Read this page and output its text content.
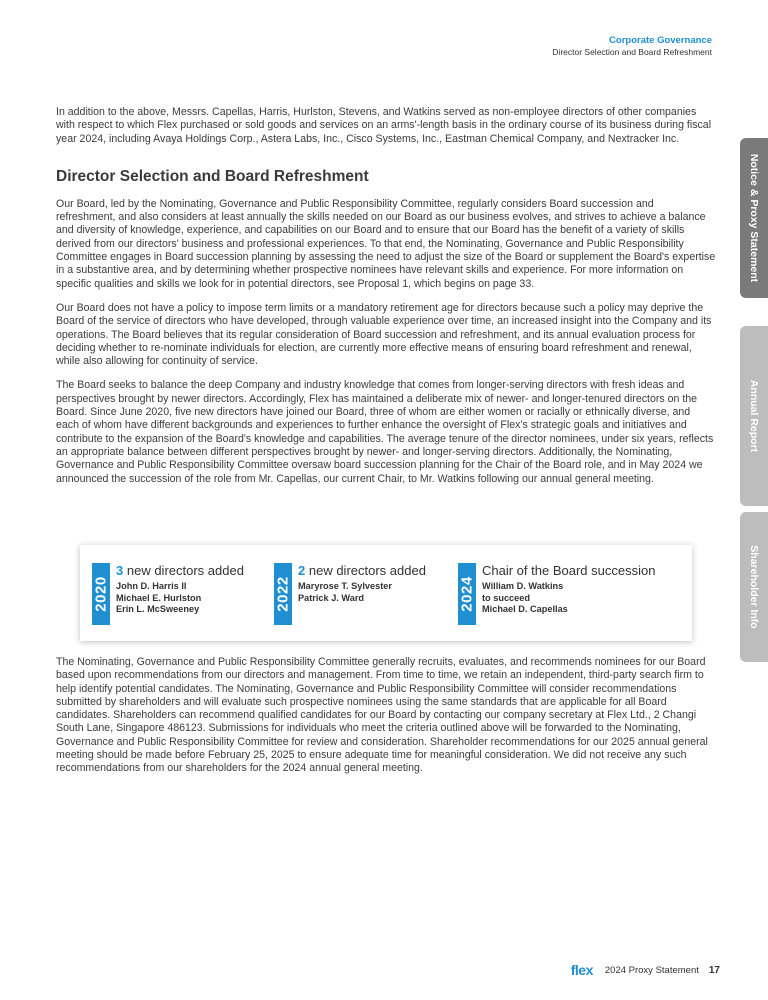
Corporate Governance
Director Selection and Board Refreshment

In addition to the above, Messrs. Capellas, Harris, Hurlston, Stevens, and Watkins served as non-employee directors of other companies with respect to which Flex purchased or sold goods and services on an arms'-length basis in the ordinary course of its business during fiscal year 2024, including Avaya Holdings Corp., Astera Labs, Inc., Cisco Systems, Inc., Eastman Chemical Company, and Nextracker Inc.

Director Selection and Board Refreshment

Our Board, led by the Nominating, Governance and Public Responsibility Committee, regularly considers Board succession and refreshment, and also considers at least annually the skills needed on our Board as our business evolves, and strives to achieve a balance and diversity of knowledge, experience, and capabilities on our Board and to ensure that our Board has the benefit of a variety of skills derived from our directors' business and professional experiences. To that end, the Nominating, Governance and Public Responsibility Committee engages in Board succession planning by assessing the need to adjust the size of the Board or supplement the Board's expertise in a substantive area, and by determining whether prospective nominees have relevant skills and experience. For more information on specific qualities and skills we look for in potential directors, see Proposal 1, which begins on page 33.

Our Board does not have a policy to impose term limits or a mandatory retirement age for directors because such a policy may deprive the Board of the service of directors who have developed, through valuable experience over time, an increased insight into the Company and its operations. The Board believes that its regular consideration of Board succession and refreshment, and its annual evaluation process for deciding whether to re-nominate individuals for election, are currently more effective means of ensuring board refreshment and renewal, while also allowing for continuity of service.

The Board seeks to balance the deep Company and industry knowledge that comes from longer-serving directors with fresh ideas and perspectives brought by newer directors. Accordingly, Flex has maintained a deliberate mix of newer- and longer-tenured directors on the Board. Since June 2020, five new directors have joined our Board, three of whom are either women or racially or ethnically diverse, and each of whom have different backgrounds and experiences to further enhance the oversight of Flex's strategic goals and initiatives and contribute to the expansion of the Board's knowledge and capabilities. The average tenure of the director nominees, under six years, reflects an appropriate balance between different perspectives brought by newer- and longer-serving directors. Additionally, the Nominating, Governance and Public Responsibility Committee oversaw board succession planning for the Chair of the Board role, and in May 2024 we announced the succession of the role from Mr. Capellas, our current Chair, to Mr. Watkins following our annual general meeting.

2020
3 new directors added
John D. Harris II
Michael E. Hurlston
Erin L. McSweeney	2022
2 new directors added
Maryrose T. Sylvester
Patrick J. Ward	2024
Chair of the Board succession
William D. Watkins
to succeed
Michael D. Capellas

The Nominating, Governance and Public Responsibility Committee generally recruits, evaluates, and recommends nominees for our Board based upon recommendations from our directors and management. From time to time, we retain an independent, third-party search firm to help identify potential candidates. The Nominating, Governance and Public Responsibility Committee will consider recommendations submitted by shareholders and will evaluate such prospective nominees using the same standards that are applicable for all Board candidates. Shareholders can recommend qualified candidates for our Board by contacting our company secretary at Flex Ltd., 2 Changi South Lane, Singapore 486123. Submissions for individuals who meet the criteria outlined above will be forwarded to the Nominating, Governance and Public Responsibility Committee for review and consideration. Shareholder recommendations for our 2025 annual general meeting should be made before February 25, 2025 to ensure adequate time for meaningful consideration. We did not receive any such recommendations from our shareholders for the 2024 annual general meeting.

Notice & Proxy Statement
Annual Report
Shareholder Info
flex 2024 Proxy Statement 17
